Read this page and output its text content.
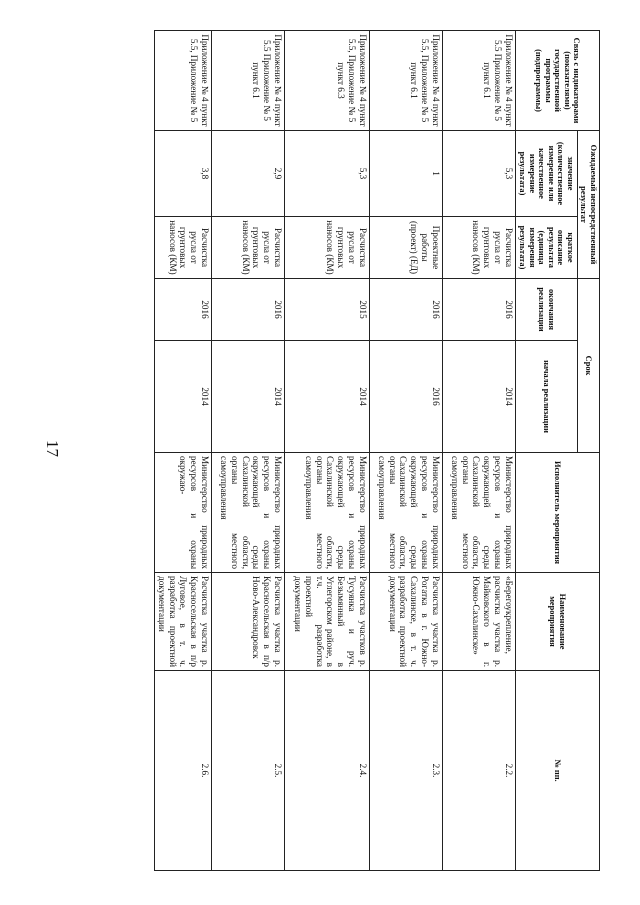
17
Связь с индикаторами (показателями) государственной программы (подпрограммы)	Ожидаемый непосредственный результат		Срок		Исполнитель мероприятия	Наименование мероприятия	№ пп.
	значение (количественное измерение или качественное измерение результата)	краткое описание результата (единица измерения результата)	окончания реализации	начала реализации			
Приложение № 4 пункт 5.5 Приложение № 5 пункт 6.1	5,3	Расчистка русла от грунтовых наносов (КМ)	2016	2014	Министерство природных ресурсов и охраны окружающей среды Сахалинской области, органы местного самоуправления	«Берегоукрепление, расчистка участка р. Майковского в г. Южно-Сахалинске»	2.2.
Приложение № 4 пункт 5.5, Приложение № 5 пункт 6.1	1	Проектные работы (проект) (ЕД)	2016	2016	Министерство природных ресурсов и охраны окружающей среды Сахалинской области, органы местного самоуправления	Расчистка участка р. Рогатка в г. Южно-Сахалинске, в т. ч. разработка проектной документации	2.3.
Приложение № 4 пункт 5.5, Приложение № 5 пункт 6.3	5,3	Расчистка русла от грунтовых наносов (КМ)	2015	2014	Министерство природных ресурсов и охраны окружающей среды Сахалинской области, органы местного самоуправления	Расчистка участков р. Тусуянка и руч. Безымянный в Углегорском районе, в т.ч. разработка проектной документации	2.4.
Приложение № 4 пункт 5.5 Приложение № 5 пункт 6.1	2,9	Расчистка русла от грунтовых наносов (КМ)	2016	2014	Министерство природных ресурсов и охраны окружающей среды Сахалинской области, органы местного самоуправления	Расчистка участка р. Красносельская в п/р Ново-Александровск	2.5.
Приложение № 4 пункт 5.5, Приложение № 5	3,8	Расчистка русла от грунтовых наносов (КМ)	2016	2014	Министерство природных ресурсов и охраны окружаю-	Расчистка участка р. Красносельская в п/р Луговое, в т. ч. разработка проектной документации	2.6.
